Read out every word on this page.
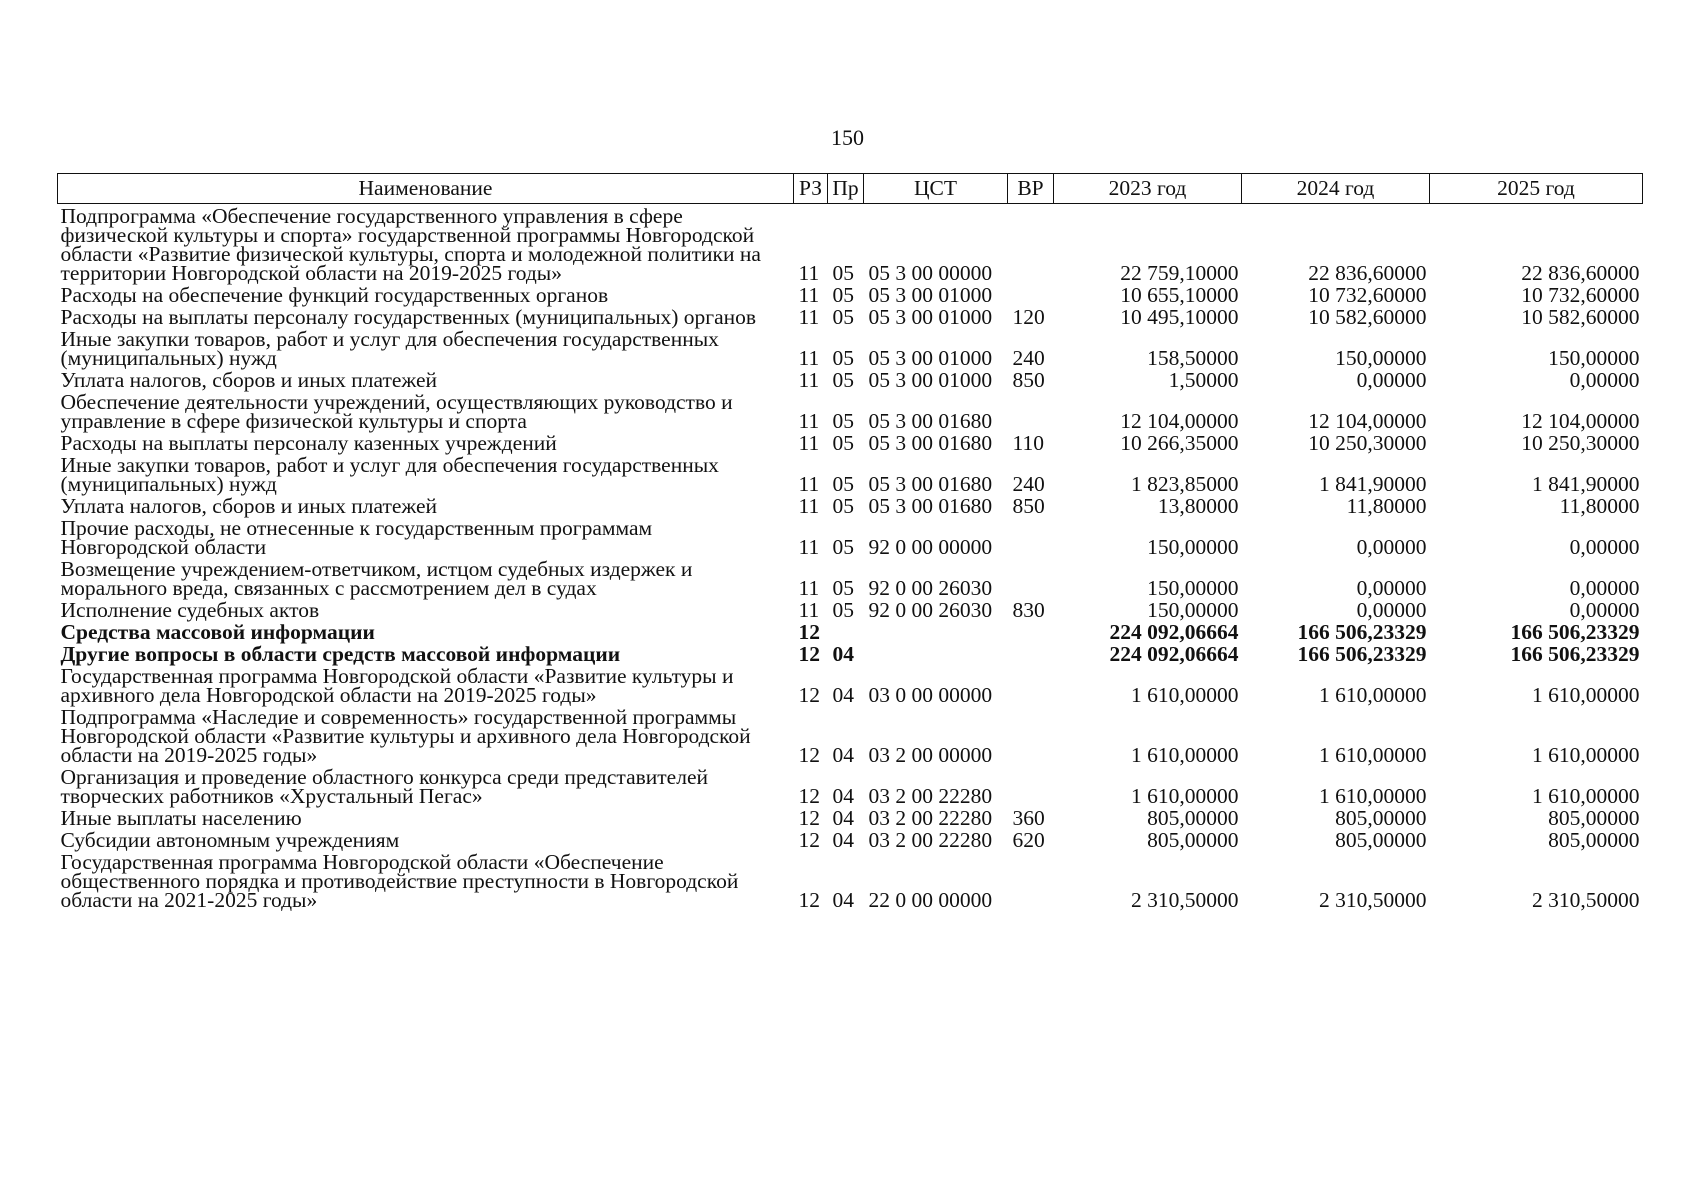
150
Наименование	РЗ	Пр	ЦСТ	ВР	2023 год	2024 год	2025 год
Подпрограмма «Обеспечение государственного управления в сфере физической культуры и спорта» государственной программы Новгородской области «Развитие физической культуры, спорта и молодежной политики на территории Новгородской области на 2019-2025 годы»	11	05	05 3 00 00000		22 759,10000	22 836,60000	22 836,60000
Расходы на обеспечение функций государственных органов	11	05	05 3 00 01000		10 655,10000	10 732,60000	10 732,60000
Расходы на выплаты персоналу государственных (муниципальных) органов	11	05	05 3 00 01000	120	10 495,10000	10 582,60000	10 582,60000
Иные закупки товаров, работ и услуг для обеспечения государственных (муниципальных) нужд	11	05	05 3 00 01000	240	158,50000	150,00000	150,00000
Уплата налогов, сборов и иных платежей	11	05	05 3 00 01000	850	1,50000	0,00000	0,00000
Обеспечение деятельности учреждений, осуществляющих руководство и управление в сфере физической культуры и спорта	11	05	05 3 00 01680		12 104,00000	12 104,00000	12 104,00000
Расходы на выплаты персоналу казенных учреждений	11	05	05 3 00 01680	110	10 266,35000	10 250,30000	10 250,30000
Иные закупки товаров, работ и услуг для обеспечения государственных (муниципальных) нужд	11	05	05 3 00 01680	240	1 823,85000	1 841,90000	1 841,90000
Уплата налогов, сборов и иных платежей	11	05	05 3 00 01680	850	13,80000	11,80000	11,80000
Прочие расходы, не отнесенные к государственным программам Новгородской области	11	05	92 0 00 00000		150,00000	0,00000	0,00000
Возмещение учреждением-ответчиком, истцом судебных издержек и морального вреда, связанных с рассмотрением дел в судах	11	05	92 0 00 26030		150,00000	0,00000	0,00000
Исполнение судебных актов	11	05	92 0 00 26030	830	150,00000	0,00000	0,00000
Средства массовой информации	12				224 092,06664	166 506,23329	166 506,23329
Другие вопросы в области средств массовой информации	12	04			224 092,06664	166 506,23329	166 506,23329
Государственная программа Новгородской области «Развитие культуры и архивного дела Новгородской области на 2019-2025 годы»	12	04	03 0 00 00000		1 610,00000	1 610,00000	1 610,00000
Подпрограмма «Наследие и современность» государственной программы Новгородской области «Развитие культуры и архивного дела Новгородской области на 2019-2025 годы»	12	04	03 2 00 00000		1 610,00000	1 610,00000	1 610,00000
Организация и проведение областного конкурса среди представителей творческих работников «Хрустальный Пегас»	12	04	03 2 00 22280		1 610,00000	1 610,00000	1 610,00000
Иные выплаты населению	12	04	03 2 00 22280	360	805,00000	805,00000	805,00000
Субсидии автономным учреждениям	12	04	03 2 00 22280	620	805,00000	805,00000	805,00000
Государственная программа Новгородской области «Обеспечение общественного порядка и противодействие преступности в Новгородской области на 2021-2025 годы»	12	04	22 0 00 00000		2 310,50000	2 310,50000	2 310,50000
